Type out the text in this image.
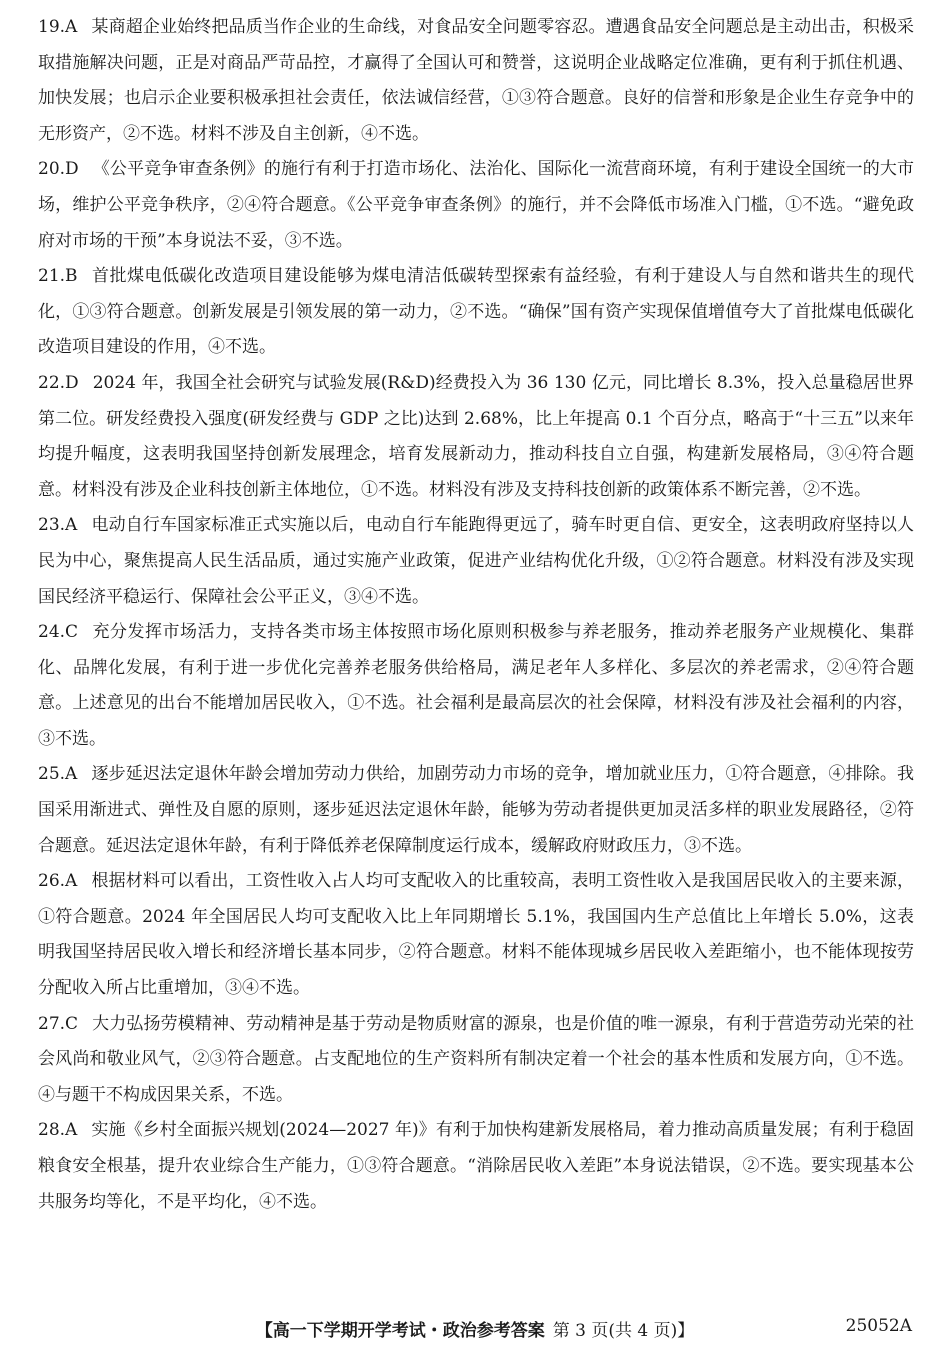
19.A 某商超企业始终把品质当作企业的生命线，对食品安全问题零容忍。遭遇食品安全问题总是主动出击，积极采取措施解决问题，正是对商品严苛品控，才赢得了全国认可和赞誉，这说明企业战略定位准确，更有利于抓住机遇、加快发展；也启示企业要积极承担社会责任，依法诚信经营，①③符合题意。良好的信誉和形象是企业生存竞争中的无形资产，②不选。材料不涉及自主创新，④不选。

20.D 《公平竞争审查条例》的施行有利于打造市场化、法治化、国际化一流营商环境，有利于建设全国统一的大市场，维护公平竞争秩序，②④符合题意。《公平竞争审查条例》的施行，并不会降低市场准入门槛，①不选。“避免政府对市场的干预”本身说法不妥，③不选。

21.B 首批煤电低碳化改造项目建设能够为煤电清洁低碳转型探索有益经验，有利于建设人与自然和谐共生的现代化，①③符合题意。创新发展是引领发展的第一动力，②不选。“确保”国有资产实现保值增值夸大了首批煤电低碳化改造项目建设的作用，④不选。

22.D 2024 年，我国全社会研究与试验发展(R&D)经费投入为 36 130 亿元，同比增长 8.3%，投入总量稳居世界第二位。研发经费投入强度(研发经费与 GDP 之比)达到 2.68%，比上年提高 0.1 个百分点，略高于“十三五”以来年均提升幅度，这表明我国坚持创新发展理念，培育发展新动力，推动科技自立自强，构建新发展格局，③④符合题意。材料没有涉及企业科技创新主体地位，①不选。材料没有涉及支持科技创新的政策体系不断完善，②不选。

23.A 电动自行车国家标准正式实施以后，电动自行车能跑得更远了，骑车时更自信、更安全，这表明政府坚持以人民为中心，聚焦提高人民生活品质，通过实施产业政策，促进产业结构优化升级，①②符合题意。材料没有涉及实现国民经济平稳运行、保障社会公平正义，③④不选。

24.C 充分发挥市场活力，支持各类市场主体按照市场化原则积极参与养老服务，推动养老服务产业规模化、集群化、品牌化发展，有利于进一步优化完善养老服务供给格局，满足老年人多样化、多层次的养老需求，②④符合题意。上述意见的出台不能增加居民收入，①不选。社会福利是最高层次的社会保障，材料没有涉及社会福利的内容，③不选。

25.A 逐步延迟法定退休年龄会增加劳动力供给，加剧劳动力市场的竞争，增加就业压力，①符合题意，④排除。我国采用渐进式、弹性及自愿的原则，逐步延迟法定退休年龄，能够为劳动者提供更加灵活多样的职业发展路径，②符合题意。延迟法定退休年龄，有利于降低养老保障制度运行成本，缓解政府财政压力，③不选。

26.A 根据材料可以看出，工资性收入占人均可支配收入的比重较高，表明工资性收入是我国居民收入的主要来源，①符合题意。2024 年全国居民人均可支配收入比上年同期增长 5.1%，我国国内生产总值比上年增长 5.0%，这表明我国坚持居民收入增长和经济增长基本同步，②符合题意。材料不能体现城乡居民收入差距缩小，也不能体现按劳分配收入所占比重增加，③④不选。

27.C 大力弘扬劳模精神、劳动精神是基于劳动是物质财富的源泉，也是价值的唯一源泉，有利于营造劳动光荣的社会风尚和敬业风气，②③符合题意。占支配地位的生产资料所有制决定着一个社会的基本性质和发展方向，①不选。④与题干不构成因果关系，不选。

28.A 实施《乡村全面振兴规划(2024—2027 年)》有利于加快构建新发展格局，着力推动高质量发展；有利于稳固粮食安全根基，提升农业综合生产能力，①③符合题意。“消除居民收入差距”本身说法错误，②不选。要实现基本公共服务均等化，不是平均化，④不选。

【高一下学期开学考试・政治参考答案 第 3 页(共 4 页)】	25052A
